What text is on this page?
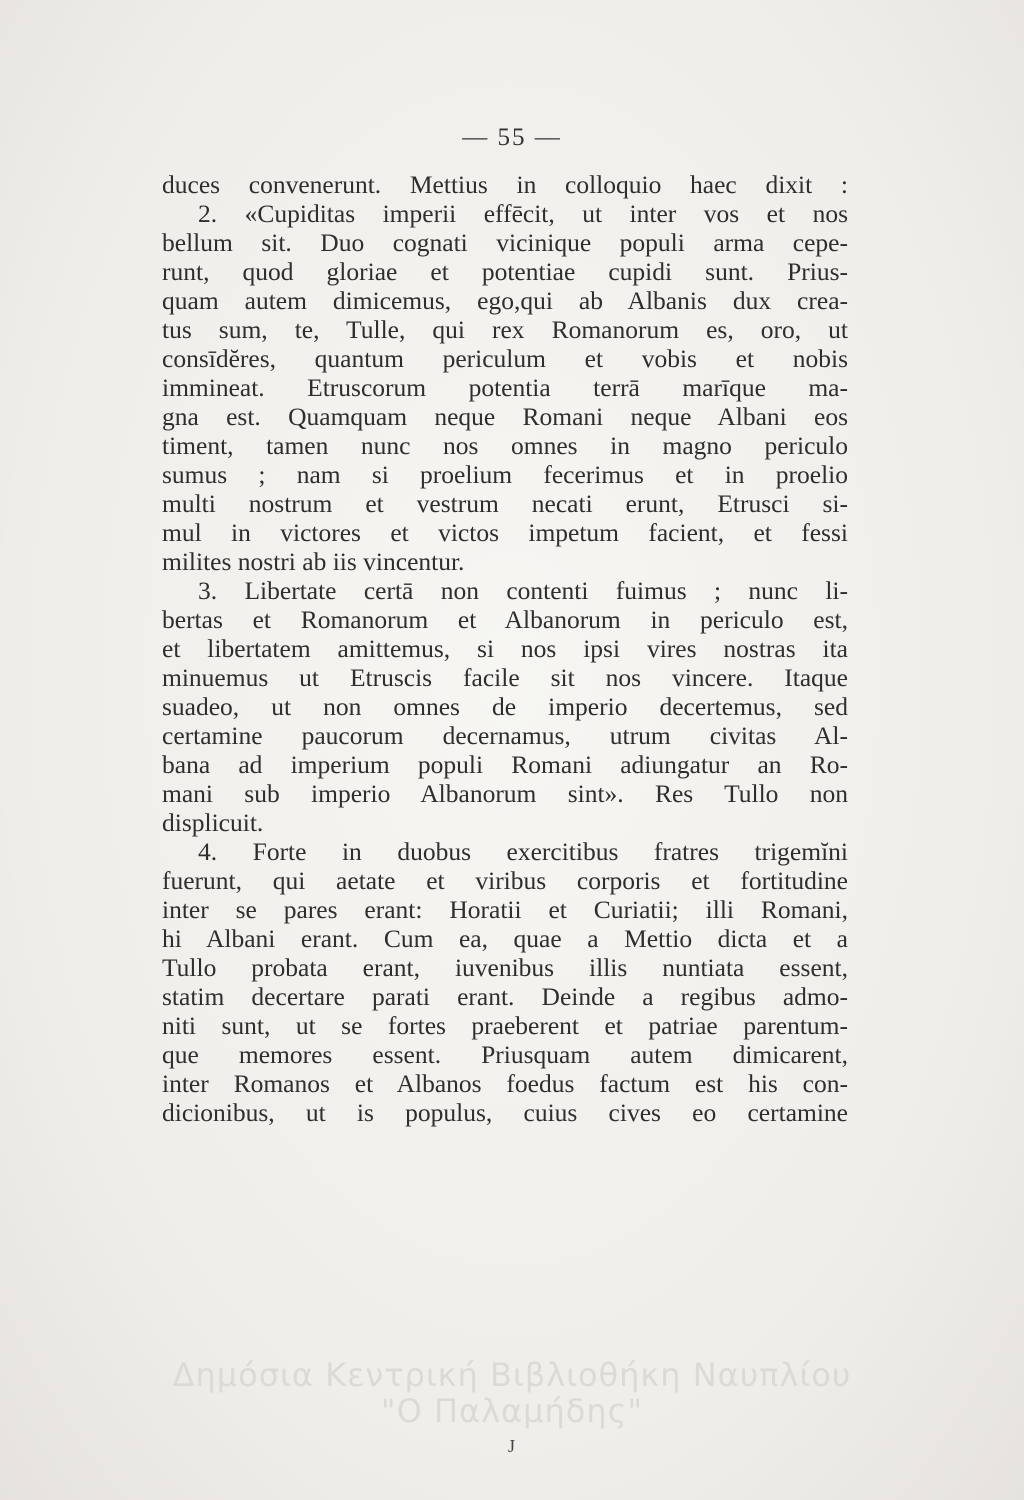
— 55 —
duces convenerunt. Mettius in colloquio haec dixit :
2. «Cupiditas imperii effēcit, ut inter vos et nos
bellum sit. Duo cognati vicinique populi arma cepe-
runt, quod gloriae et potentiae cupidi sunt. Prius-
quam autem dimicemus, ego,qui ab Albanis dux crea-
tus sum, te, Tulle, qui rex Romanorum es, oro, ut
consīdĕres, quantum periculum et vobis et nobis
immineat. Etruscorum potentia terrā marīque ma-
gna est. Quamquam neque Romani neque Albani eos
timent, tamen nunc nos omnes in magno periculo
sumus ; nam si proelium fecerimus et in proelio
multi nostrum et vestrum necati erunt, Etrusci si-
mul in victores et victos impetum facient, et fessi
milites nostri ab iis vincentur.
3. Libertate certā non contenti fuimus ; nunc li-
bertas et Romanorum et Albanorum in periculo est,
et libertatem amittemus, si nos ipsi vires nostras ita
minuemus ut Etruscis facile sit nos vincere. Itaque
suadeo, ut non omnes de imperio decertemus, sed
certamine paucorum decernamus, utrum civitas Al-
bana ad imperium populi Romani adiungatur an Ro-
mani sub imperio Albanorum sint». Res Tullo non
displicuit.
4. Forte in duobus exercitibus fratres trigemĭni
fuerunt, qui aetate et viribus corporis et fortitudine
inter se pares erant: Horatii et Curiatii; illi Romani,
hi Albani erant. Cum ea, quae a Mettio dicta et a
Tullo probata erant, iuvenibus illis nuntiata essent,
statim decertare parati erant. Deinde a regibus admo-
niti sunt, ut se fortes praeberent et patriae parentum-
que memores essent. Priusquam autem dimicarent,
inter Romanos et Albanos foedus factum est his con-
dicionibus, ut is populus, cuius cives eo certamine
Δημόσια Κεντρική Βιβλιοθήκη Ναυπλίου
"Ο Παλαμήδης"
J
